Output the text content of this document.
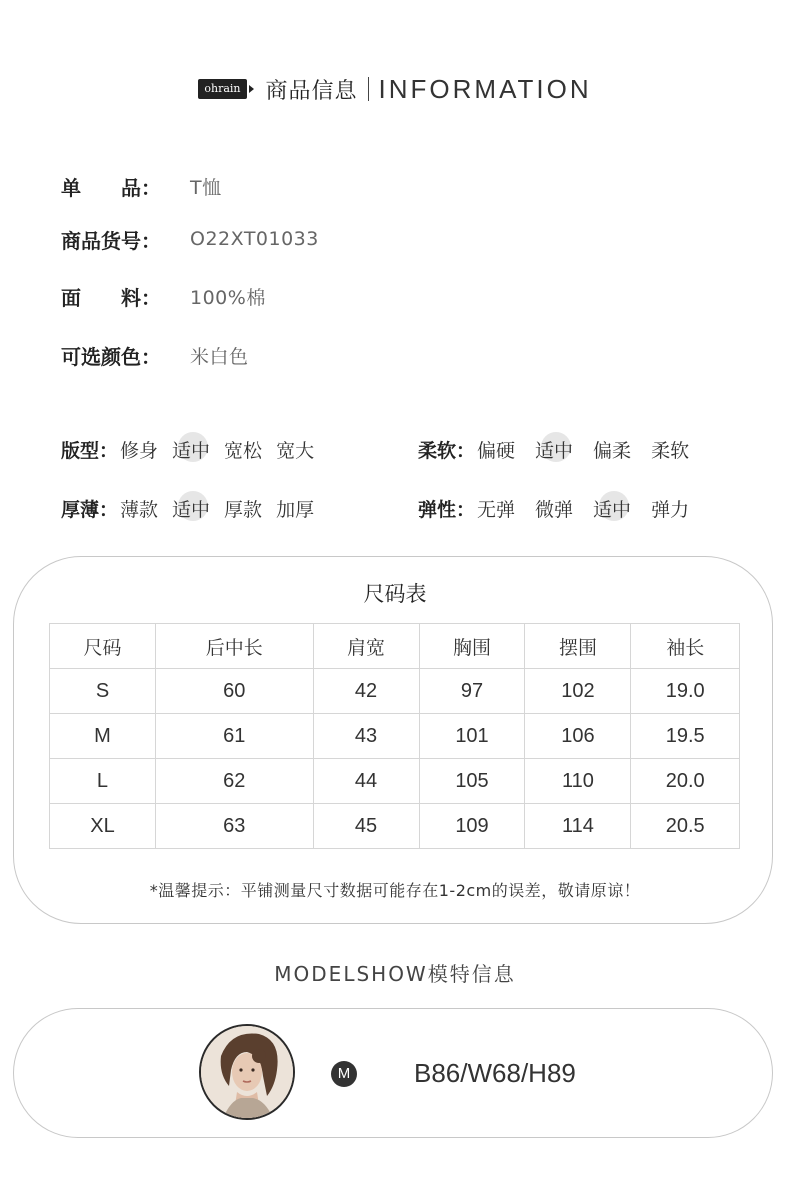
ohrain 商品信息 INFORMATION
单　　品：	T恤
商品货号：	O22XT01033
面　　料：	100%棉
可选颜色：	米白色
版型： 修身 适中 宽松 宽大	柔软： 偏硬 适中 偏柔 柔软
厚薄： 薄款 适中 厚款 加厚	弹性： 无弹 微弹 适中 弹力
尺码表
尺码	后中长	肩宽	胸围	摆围	袖长
S	60	42	97	102	19.0
M	61	43	101	106	19.5
L	62	44	105	110	20.0
XL	63	45	109	114	20.5
*温馨提示：平铺测量尺寸数据可能存在1-2cm的误差，敬请原谅！
MODELSHOW模特信息
M B86/W68/H89
